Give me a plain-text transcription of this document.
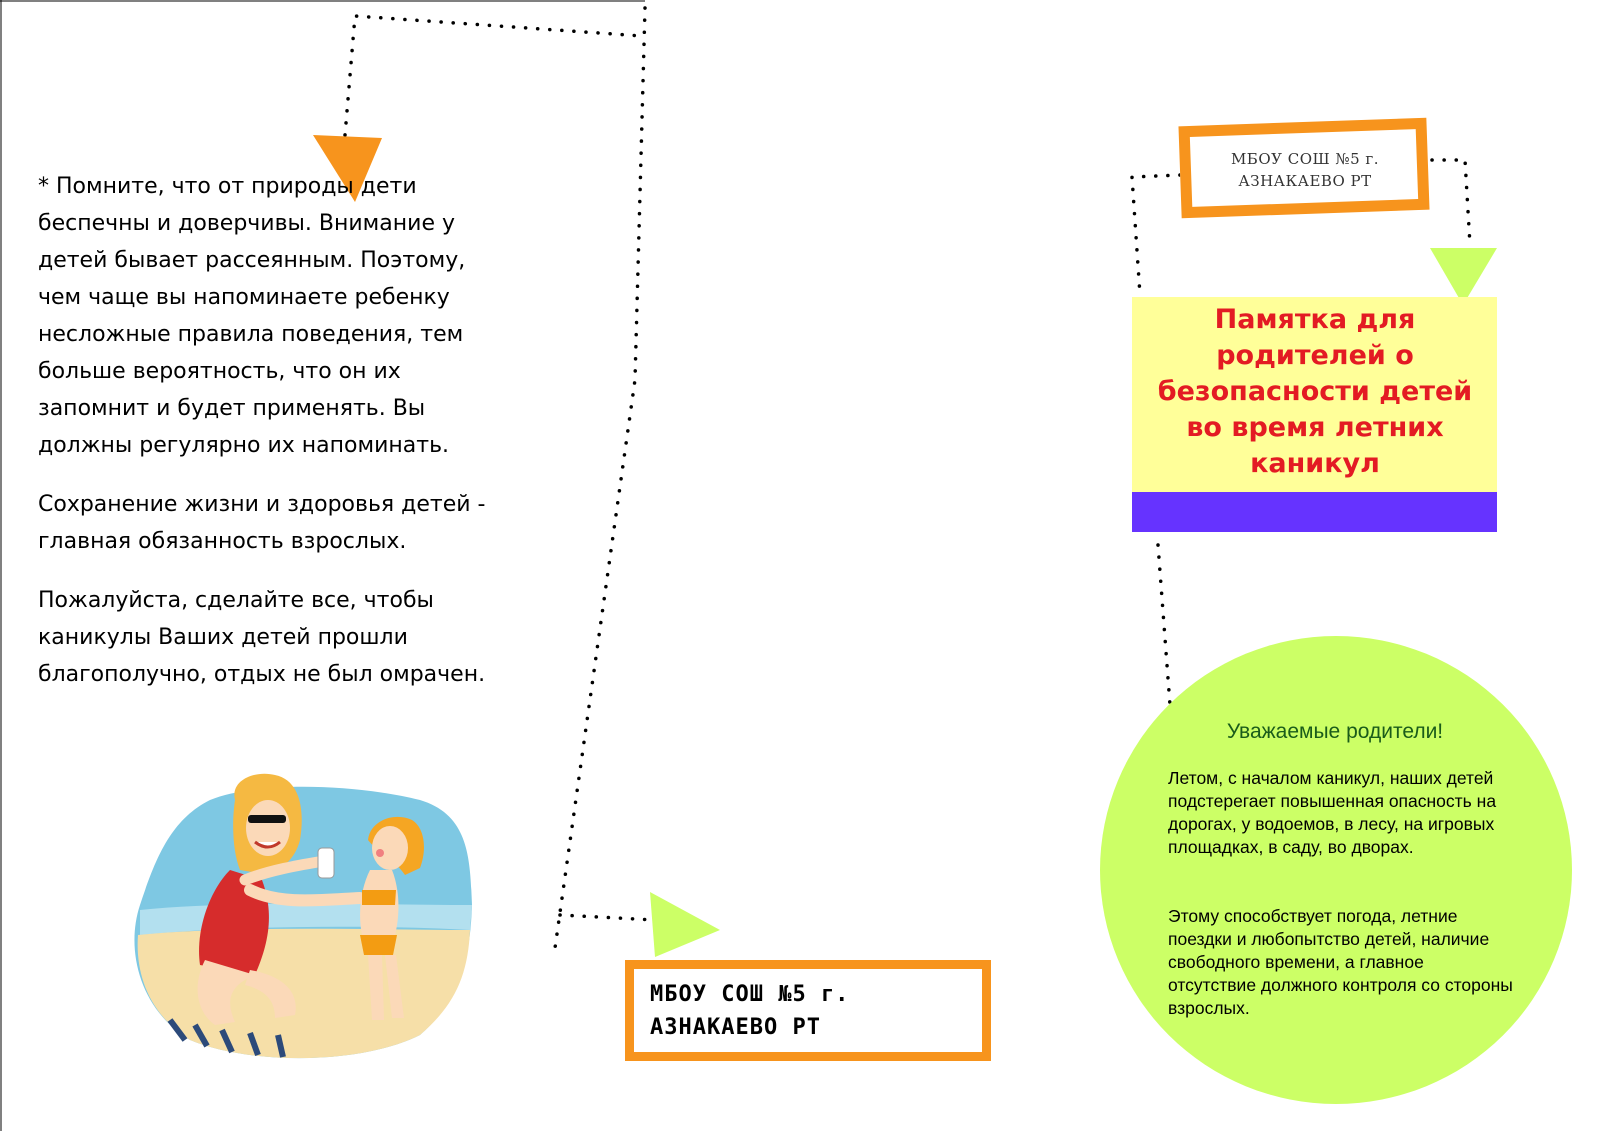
* Помните, что от природы дети беспечны и доверчивы. Внимание у детей бывает рассеянным. Поэтому, чем чаще вы напоминаете ребенку несложные правила поведения, тем больше вероятность, что он их запомнит и будет применять. Вы должны регулярно их напоминать.

Сохранение жизни и здоровья детей - главная обязанность взрослых.

Пожалуйста, сделайте все, чтобы каникулы Ваших детей прошли благополучно, отдых не был омрачен.

МБОУ СОШ №5 г. АЗНАКАЕВО РТ
МБОУ СОШ №5 г. АЗНАКАЕВО РТ
Памятка для родителей о безопасности детей во время летних каникул
Уважаемые родители!
Летом, с началом каникул, наших детей подстерегает повышенная опасность на дорогах, у водоемов, в лесу, на игровых площадках, в саду, во дворах.
Этому способствует погода, летние поездки и любопытство детей, наличие свободного времени, а главное отсутствие должного контроля со стороны взрослых.
